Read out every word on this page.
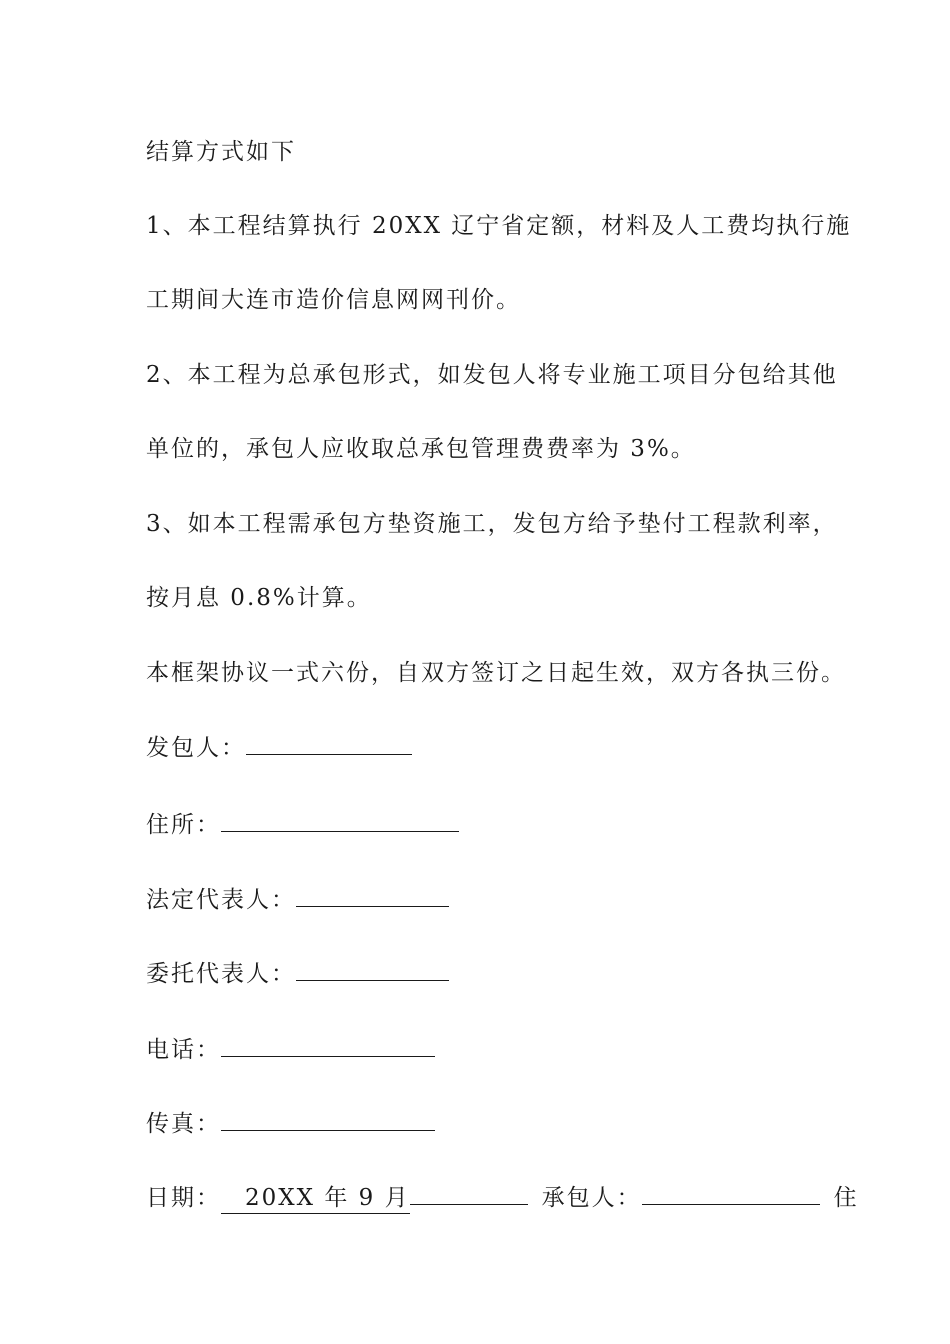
结算方式如下
1、本工程结算执行 20XX 辽宁省定额，材料及人工费均执行施
工期间大连市造价信息网网刊价。
2、本工程为总承包形式，如发包人将专业施工项目分包给其他
单位的，承包人应收取总承包管理费费率为 3%。
3、如本工程需承包方垫资施工，发包方给予垫付工程款利率，
按月息 0.8%计算。
本框架协议一式六份，自双方签订之日起生效，双方各执三份。
发包人：
住所：
法定代表人：
委托代表人：
电话：
传真：
日期： 20XX 年 9 月	承包人：	住
